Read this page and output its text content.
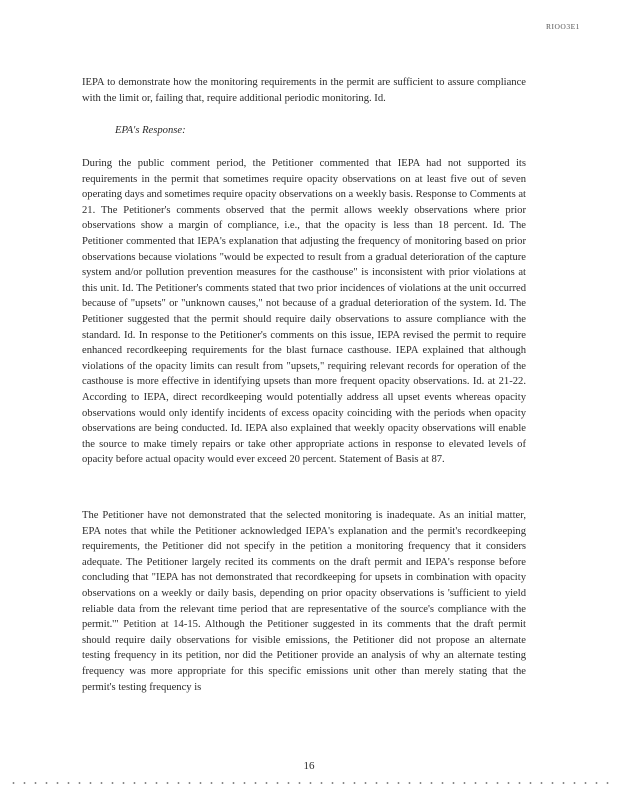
RIOO3E1

IEPA to demonstrate how the monitoring requirements in the permit are sufficient to assure compliance with the limit or, failing that, require additional periodic monitoring. Id.

EPA's Response:

During the public comment period, the Petitioner commented that IEPA had not supported its requirements in the permit that sometimes require opacity observations on at least five out of seven operating days and sometimes require opacity observations on a weekly basis. Response to Comments at 21. The Petitioner's comments observed that the permit allows weekly observations where prior observations show a margin of compliance, i.e., that the opacity is less than 18 percent. Id. The Petitioner commented that IEPA's explanation that adjusting the frequency of monitoring based on prior observations because violations "would be expected to result from a gradual deterioration of the capture system and/or pollution prevention measures for the casthouse" is inconsistent with prior violations at this unit. Id. The Petitioner's comments stated that two prior incidences of violations at the unit occurred because of "upsets" or "unknown causes," not because of a gradual deterioration of the system. Id. The Petitioner suggested that the permit should require daily observations to assure compliance with the standard. Id. In response to the Petitioner's comments on this issue, IEPA revised the permit to require enhanced recordkeeping requirements for the blast furnace casthouse. IEPA explained that although violations of the opacity limits can result from "upsets," requiring relevant records for operation of the casthouse is more effective in identifying upsets than more frequent opacity observations. Id. at 21-22. According to IEPA, direct recordkeeping would potentially address all upset events whereas opacity observations would only identify incidents of excess opacity coinciding with the periods when opacity observations are being conducted. Id. IEPA also explained that weekly opacity observations will enable the source to make timely repairs or take other appropriate actions in response to elevated levels of opacity before actual opacity would ever exceed 20 percent. Statement of Basis at 87.

The Petitioner have not demonstrated that the selected monitoring is inadequate. As an initial matter, EPA notes that while the Petitioner acknowledged IEPA's explanation and the permit's recordkeeping requirements, the Petitioner did not specify in the petition a monitoring frequency that it considers adequate. The Petitioner largely recited its comments on the draft permit and IEPA's response before concluding that "IEPA has not demonstrated that recordkeeping for upsets in combination with opacity observations on a weekly or daily basis, depending on prior opacity observations is 'sufficient to yield reliable data from the relevant time period that are representative of the source's compliance with the permit.'" Petition at 14-15. Although the Petitioner suggested in its comments that the draft permit should require daily observations for visible emissions, the Petitioner did not propose an alternate testing frequency in its petition, nor did the Petitioner provide an analysis of why an alternate testing frequency was more appropriate for this specific emissions unit other than merely stating that the permit's testing frequency is

16
